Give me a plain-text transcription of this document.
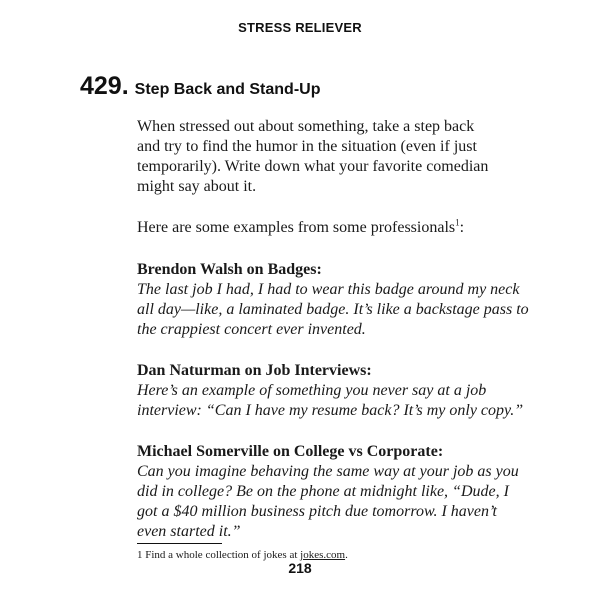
STRESS RELIEVER
429. Step Back and Stand-Up
When stressed out about something, take a step back
and try to find the humor in the situation (even if just
temporarily). Write down what your favorite comedian
might say about it.
Here are some examples from some professionals$^1$:
Brendon Walsh on Badges:
The last job I had, I had to wear this badge around my neck
all day—like, a laminated badge. It’s like a backstage pass to
the crappiest concert ever invented.
Dan Naturman on Job Interviews:
Here’s an example of something you never say at a job
interview: “Can I have my resume back? It’s my only copy.”
Michael Somerville on College vs Corporate:
Can you imagine behaving the same way at your job as you
did in college? Be on the phone at midnight like, “Dude, I
got a $40 million business pitch due tomorrow. I haven’t
even started it.”
1 Find a whole collection of jokes at jokes.com.
218
